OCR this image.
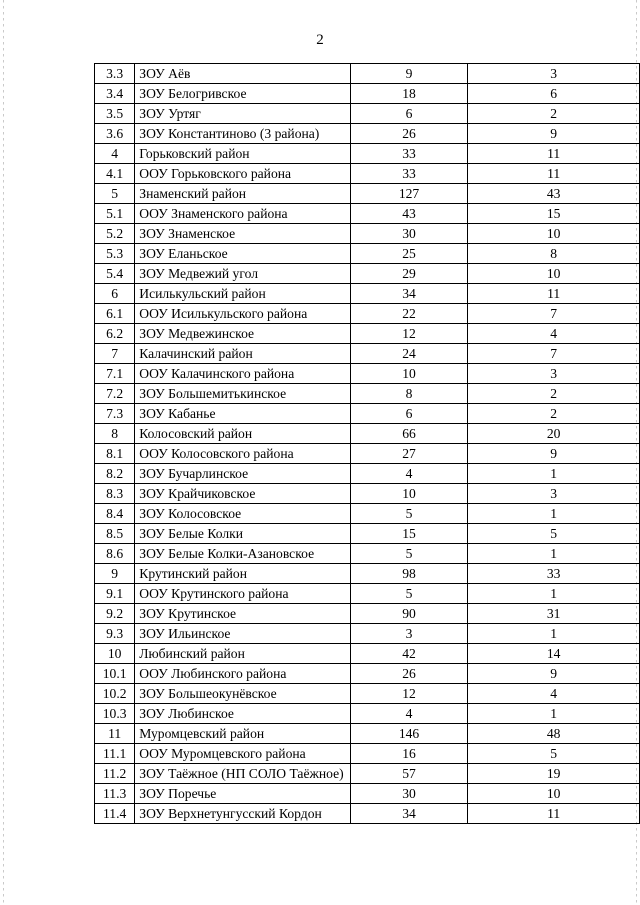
2
3.3	ЗОУ Аёв	9	3
3.4	ЗОУ Белогривское	18	6
3.5	ЗОУ Уртяг	6	2
3.6	ЗОУ Константиново (3 района)	26	9
4	Горьковский район	33	11
4.1	ООУ Горьковского района	33	11
5	Знаменский район	127	43
5.1	ООУ Знаменского района	43	15
5.2	ЗОУ Знаменское	30	10
5.3	ЗОУ Еланьское	25	8
5.4	ЗОУ Медвежий угол	29	10
6	Исилькульский район	34	11
6.1	ООУ Исилькульского района	22	7
6.2	ЗОУ Медвежинское	12	4
7	Калачинский район	24	7
7.1	ООУ Калачинского района	10	3
7.2	ЗОУ Большемитькинское	8	2
7.3	ЗОУ Кабанье	6	2
8	Колосовский район	66	20
8.1	ООУ Колосовского района	27	9
8.2	ЗОУ Бучарлинское	4	1
8.3	ЗОУ Крайчиковское	10	3
8.4	ЗОУ Колосовское	5	1
8.5	ЗОУ Белые Колки	15	5
8.6	ЗОУ Белые Колки-Азановское	5	1
9	Крутинский район	98	33
9.1	ООУ Крутинского района	5	1
9.2	ЗОУ Крутинское	90	31
9.3	ЗОУ Ильинское	3	1
10	Любинский район	42	14
10.1	ООУ Любинского района	26	9
10.2	ЗОУ Большеокунёвское	12	4
10.3	ЗОУ Любинское	4	1
11	Муромцевский район	146	48
11.1	ООУ Муромцевского района	16	5
11.2	ЗОУ Таёжное (НП СОЛО Таёжное)	57	19
11.3	ЗОУ Поречье	30	10
11.4	ЗОУ Верхнетунгусский Кордон	34	11
